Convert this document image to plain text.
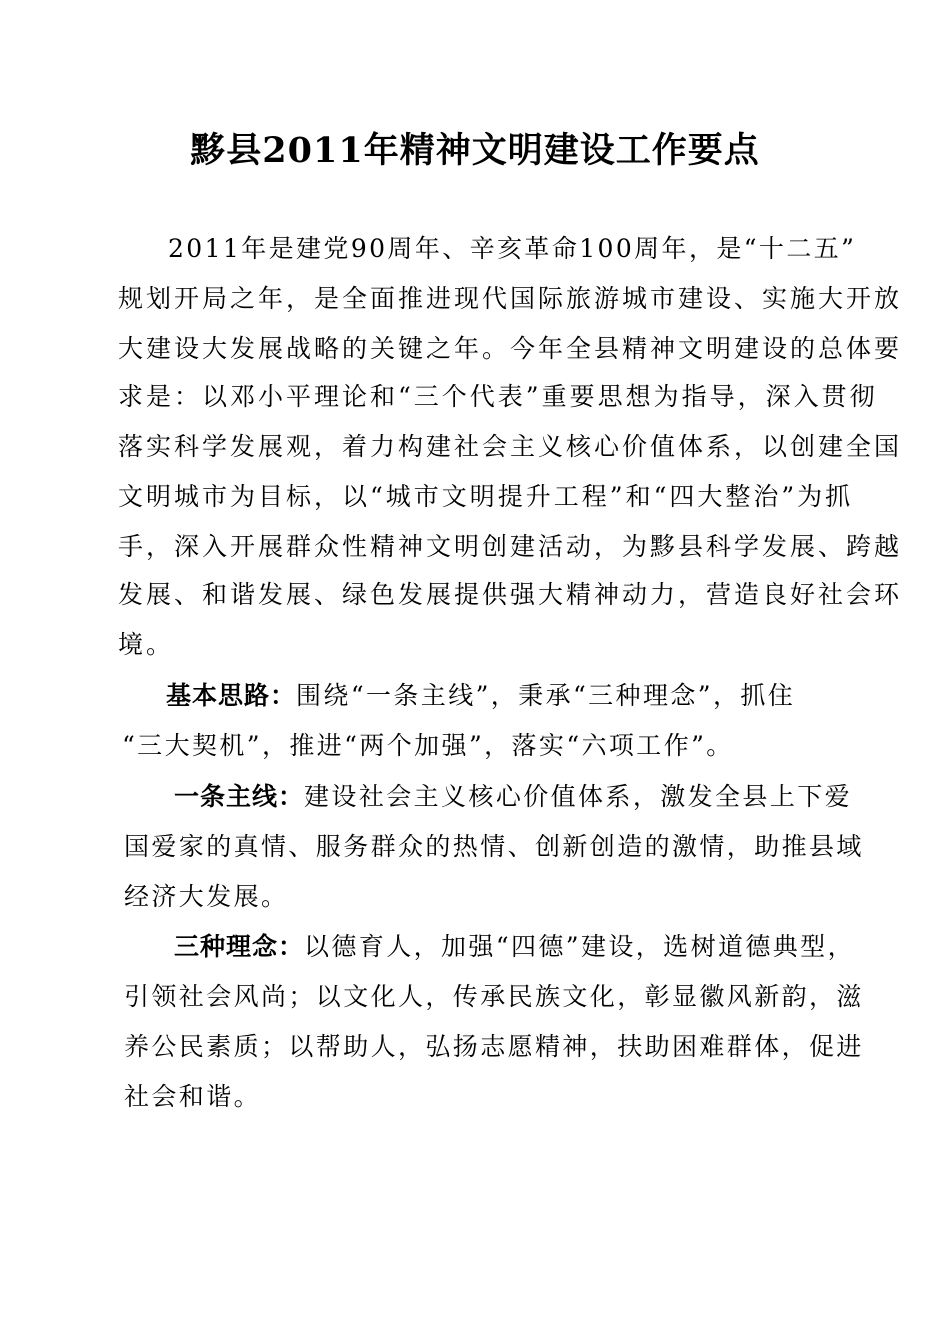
黟县2011年精神文明建设工作要点
2011年是建党90周年、辛亥革命100周年，是“十二五”
规划开局之年，是全面推进现代国际旅游城市建设、实施大开放
大建设大发展战略的关键之年。今年全县精神文明建设的总体要
求是：以邓小平理论和“三个代表”重要思想为指导，深入贯彻
落实科学发展观，着力构建社会主义核心价值体系，以创建全国
文明城市为目标，以“城市文明提升工程”和“四大整治”为抓
手，深入开展群众性精神文明创建活动，为黟县科学发展、跨越
发展、和谐发展、绿色发展提供强大精神动力，营造良好社会环
境。
基本思路：围绕“一条主线”，秉承“三种理念”，抓住
“三大契机”，推进“两个加强”，落实“六项工作”。
一条主线：建设社会主义核心价值体系，激发全县上下爱
国爱家的真情、服务群众的热情、创新创造的激情，助推县域
经济大发展。
三种理念：以德育人，加强“四德”建设，选树道德典型，
引领社会风尚；以文化人，传承民族文化，彰显徽风新韵，滋
养公民素质；以帮助人，弘扬志愿精神，扶助困难群体，促进
社会和谐。
